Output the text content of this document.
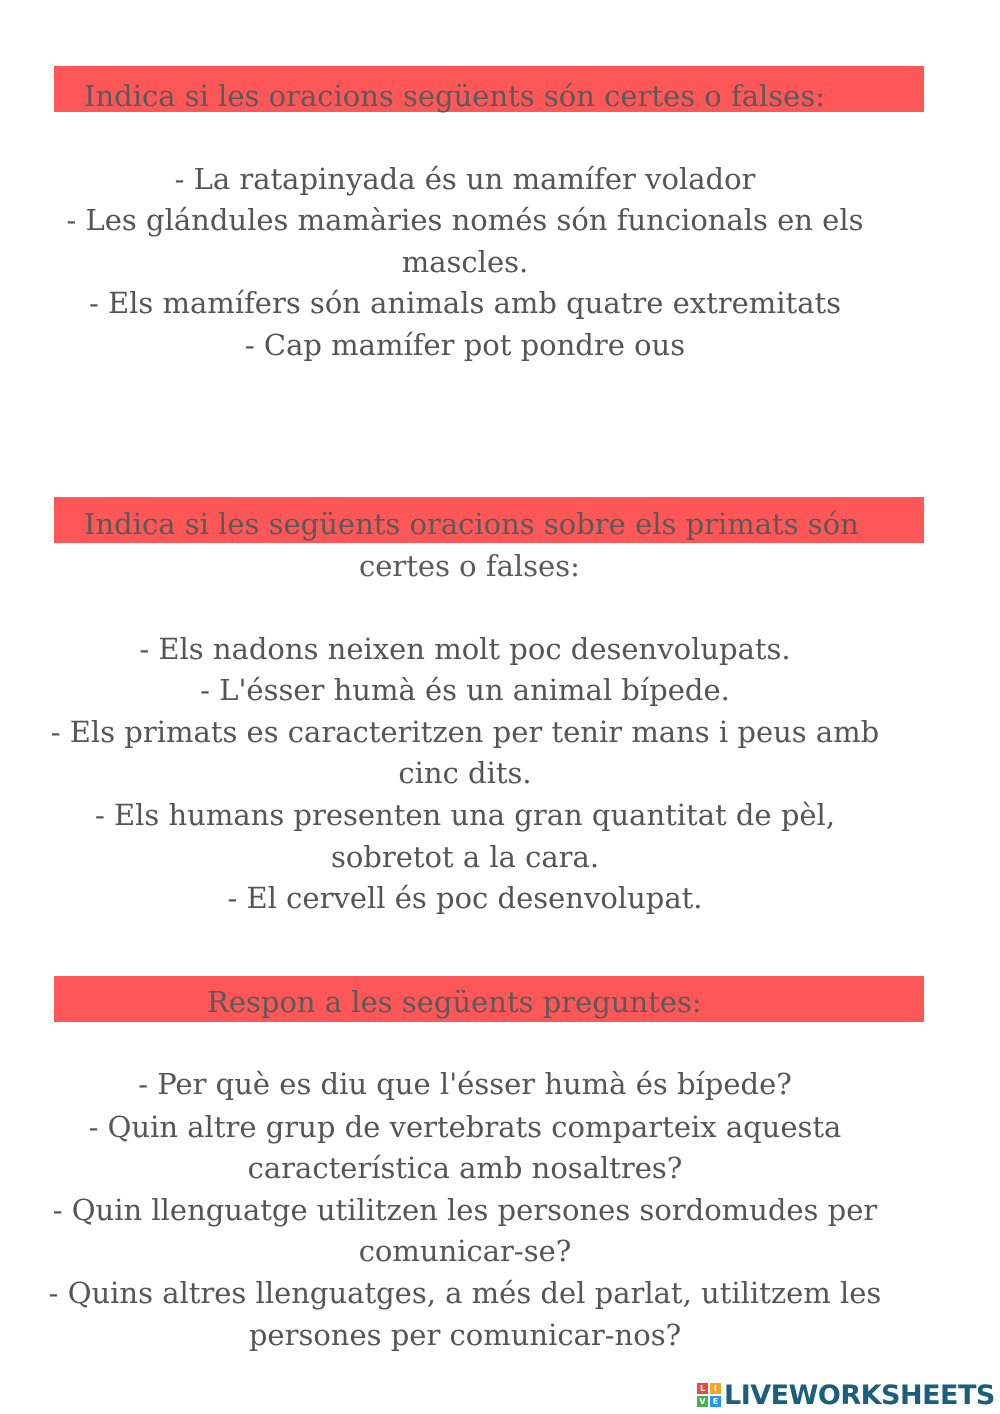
Indica si les oracions següents són certes o falses:

- La ratapinyada és un mamífer volador

- Les glándules mamàries només són funcionals en els

mascles.

- Els mamífers són animals amb quatre extremitats

- Cap mamífer pot pondre ous

Indica si les següents oracions sobre els primats són
certes o falses:

- Els nadons neixen molt poc desenvolupats.

- L'ésser humà és un animal bípede.

- Els primats es caracteritzen per tenir mans i peus amb

cinc dits.

- Els humans presenten una gran quantitat de pèl,

sobretot a la cara.

- El cervell és poc desenvolupat.

Respon a les següents preguntes:

- Per què es diu que l'ésser humà és bípede?

- Quin altre grup de vertebrats comparteix aquesta

característica amb nosaltres?

- Quin llenguatge utilitzen les persones sordomudes per

comunicar-se?

- Quins altres llenguatges, a més del parlat, utilitzem les

persones per comunicar-nos?

L	I
V E LIVEWORKSHEETS
